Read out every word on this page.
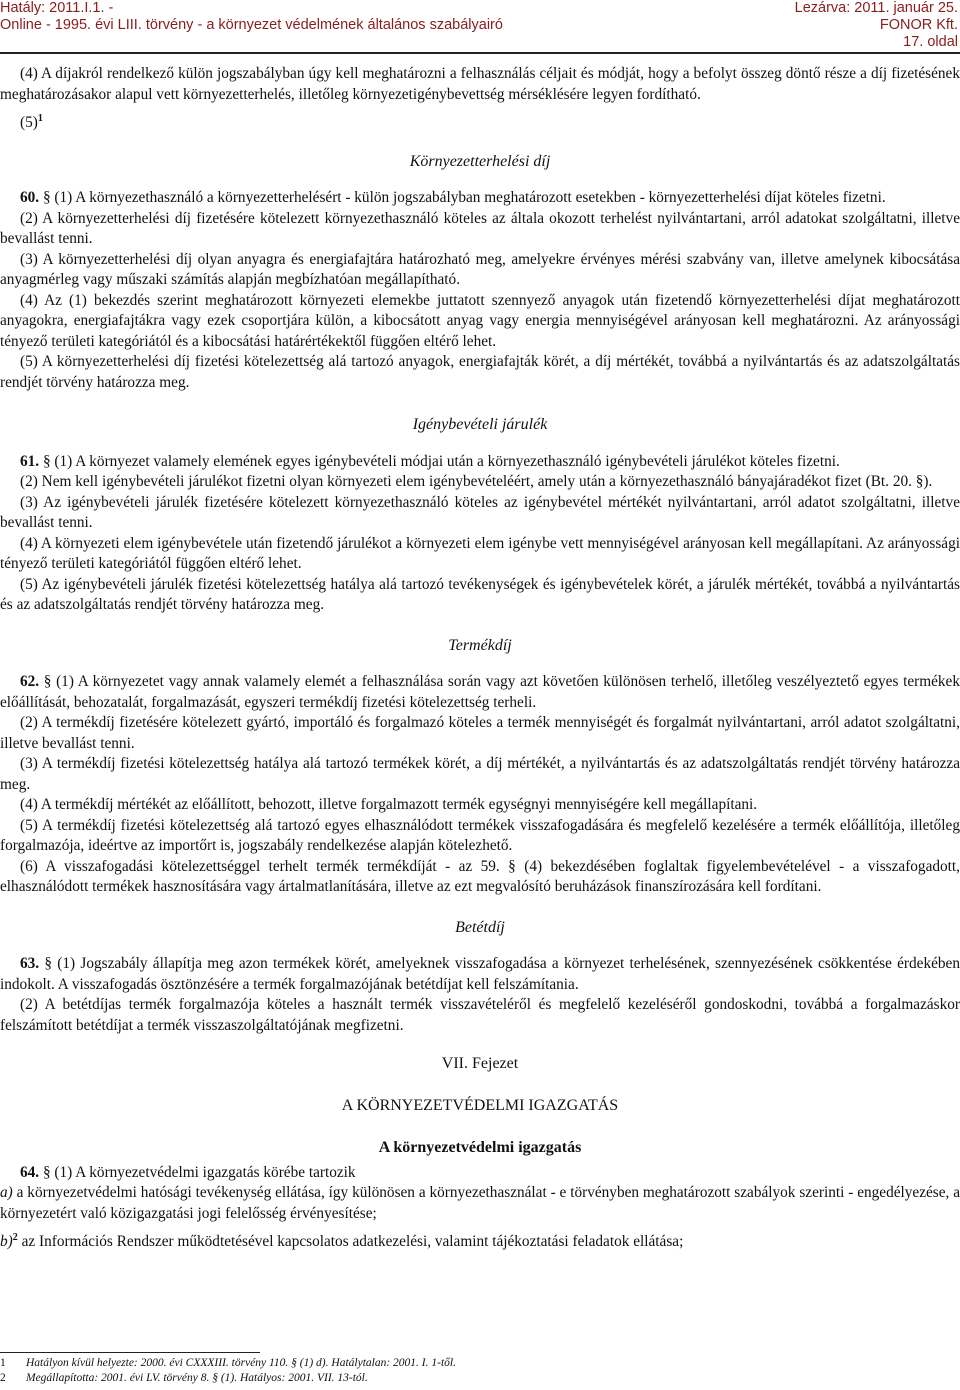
Hatály: 2011.I.1. -
Online - 1995. évi LIII. törvény - a környezet védelmének általános szabályairó
Lezárva: 2011. január 25.
FONOR Kft.
17. oldal

(4) A díjakról rendelkező külön jogszabályban úgy kell meghatározni a felhasználás céljait és módját, hogy a befolyt összeg döntő része a díj fizetésének meghatározásakor alapul vett környezetterhelés, illetőleg környezetigénybevettség mérséklésére legyen fordítható.

$(5)^1$

Környezetterhelési díj

60. § (1) A környezethasználó a környezetterhelésért - külön jogszabályban meghatározott esetekben - környezetterhelési díjat köteles fizetni.

(2) A környezetterhelési díj fizetésére kötelezett környezethasználó köteles az általa okozott terhelést nyilvántartani, arról adatokat szolgáltatni, illetve bevallást tenni.

(3) A környezetterhelési díj olyan anyagra és energiafajtára határozható meg, amelyekre érvényes mérési szabvány van, illetve amelynek kibocsátása anyagmérleg vagy műszaki számítás alapján megbízhatóan megállapítható.

(4) Az (1) bekezdés szerint meghatározott környezeti elemekbe juttatott szennyező anyagok után fizetendő környezetterhelési díjat meghatározott anyagokra, energiafajtákra vagy ezek csoportjára külön, a kibocsátott anyag vagy energia mennyiségével arányosan kell meghatározni. Az arányossági tényező területi kategóriától és a kibocsátási határértékektől függően eltérő lehet.

(5) A környezetterhelési díj fizetési kötelezettség alá tartozó anyagok, energiafajták körét, a díj mértékét, továbbá a nyilvántartás és az adatszolgáltatás rendjét törvény határozza meg.

Igénybevételi járulék

61. § (1) A környezet valamely elemének egyes igénybevételi módjai után a környezethasználó igénybevételi járulékot köteles fizetni.

(2) Nem kell igénybevételi járulékot fizetni olyan környezeti elem igénybevételéért, amely után a környezethasználó bányajáradékot fizet (Bt. 20. §).

(3) Az igénybevételi járulék fizetésére kötelezett környezethasználó köteles az igénybevétel mértékét nyilvántartani, arról adatot szolgáltatni, illetve bevallást tenni.

(4) A környezeti elem igénybevétele után fizetendő járulékot a környezeti elem igénybe vett mennyiségével arányosan kell megállapítani. Az arányossági tényező területi kategóriától függően eltérő lehet.

(5) Az igénybevételi járulék fizetési kötelezettség hatálya alá tartozó tevékenységek és igénybevételek körét, a járulék mértékét, továbbá a nyilvántartás és az adatszolgáltatás rendjét törvény határozza meg.

Termékdíj

62. § (1) A környezetet vagy annak valamely elemét a felhasználása során vagy azt követően különösen terhelő, illetőleg veszélyeztető egyes termékek előállítását, behozatalát, forgalmazását, egyszeri termékdíj fizetési kötelezettség terheli.

(2) A termékdíj fizetésére kötelezett gyártó, importáló és forgalmazó köteles a termék mennyiségét és forgalmát nyilvántartani, arról adatot szolgáltatni, illetve bevallást tenni.

(3) A termékdíj fizetési kötelezettség hatálya alá tartozó termékek körét, a díj mértékét, a nyilvántartás és az adatszolgáltatás rendjét törvény határozza meg.

(4) A termékdíj mértékét az előállított, behozott, illetve forgalmazott termék egységnyi mennyiségére kell megállapítani.

(5) A termékdíj fizetési kötelezettség alá tartozó egyes elhasználódott termékek visszafogadására és megfelelő kezelésére a termék előállítója, illetőleg forgalmazója, ideértve az importőrt is, jogszabály rendelkezése alapján kötelezhető.

(6) A visszafogadási kötelezettséggel terhelt termék termékdíját - az 59. § (4) bekezdésében foglaltak figyelembevételével - a visszafogadott, elhasználódott termékek hasznosítására vagy ártalmatlanítására, illetve az ezt megvalósító beruházások finanszírozására kell fordítani.

Betétdíj

63. § (1) Jogszabály állapítja meg azon termékek körét, amelyeknek visszafogadása a környezet terhelésének, szennyezésének csökkentése érdekében indokolt. A visszafogadás ösztönzésére a termék forgalmazójának betétdíjat kell felszámítania.

(2) A betétdíjas termék forgalmazója köteles a használt termék visszavételéről és megfelelő kezeléséről gondoskodni, továbbá a forgalmazáskor felszámított betétdíjat a termék visszaszolgáltatójának megfizetni.

VII. Fejezet

A KÖRNYEZETVÉDELMI IGAZGATÁS

A környezetvédelmi igazgatás

64. § (1) A környezetvédelmi igazgatás körébe tartozik

a) a környezetvédelmi hatósági tevékenység ellátása, így különösen a környezethasználat - e törvényben meghatározott szabályok szerinti - engedélyezése, a környezetért való közigazgatási jogi felelősség érvényesítése;

b)$^2$ az Információs Rendszer működtetésével kapcsolatos adatkezelési, valamint tájékoztatási feladatok ellátása;

1 Hatályon kívül helyezte: 2000. évi CXXXIII. törvény 110. § (1) d). Hatálytalan: 2001. I. 1-től.
2 Megállapította: 2001. évi LV. törvény 8. § (1). Hatályos: 2001. VII. 13-tól.
